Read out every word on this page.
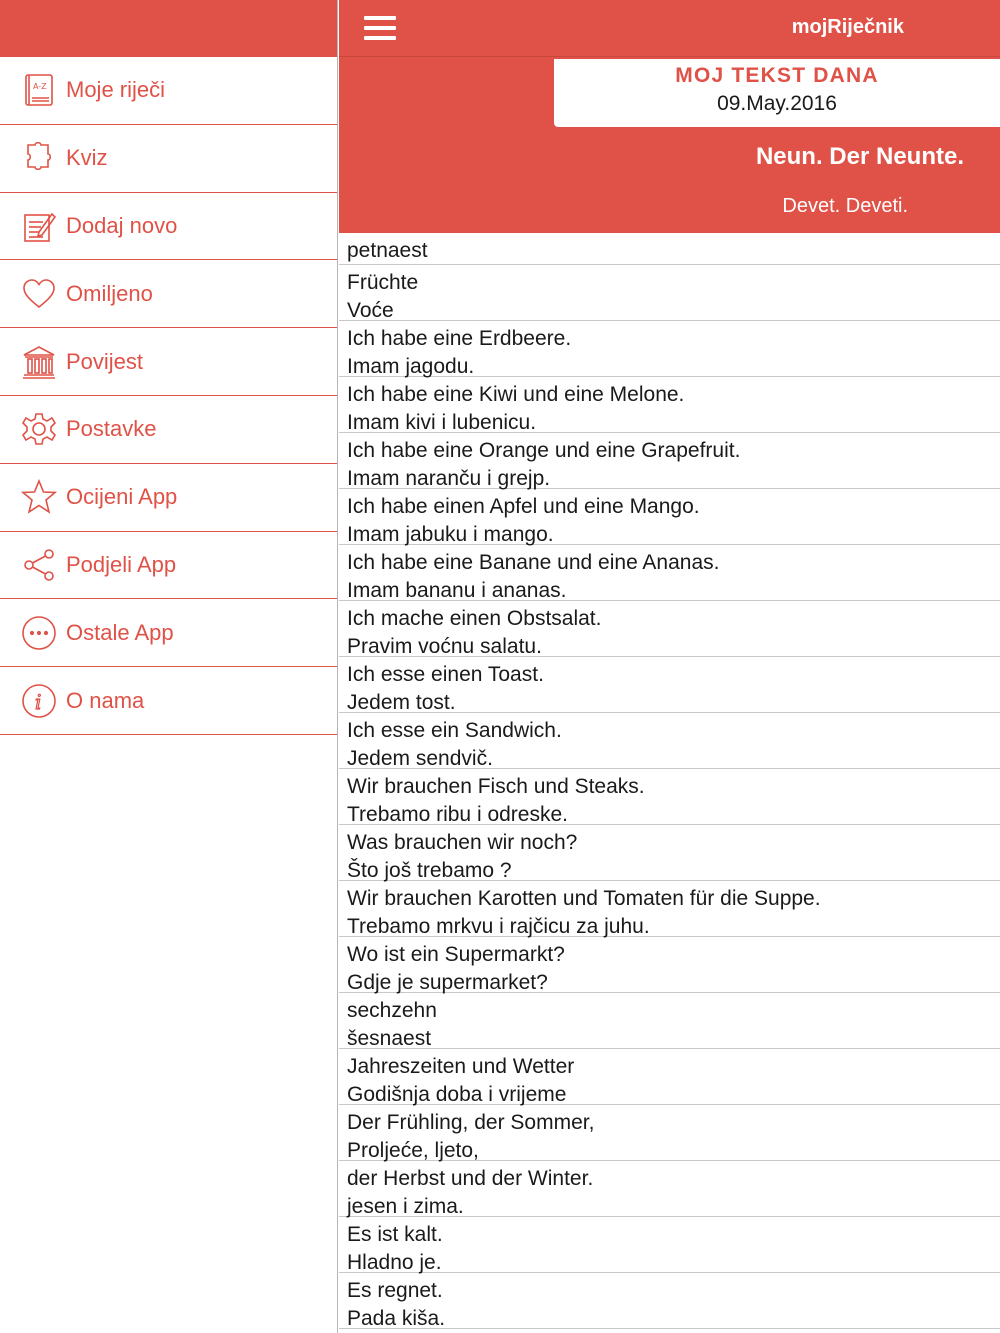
A-Z Moje riječi
Kviz
Dodaj novo
Omiljeno
Povijest
Postavke
Ocijeni App
Podjeli App
Ostale App
i O nama
mojRiječnik
MOJ TEKST DANA
09.May.2016
Neun. Der Neunte.
Devet. Deveti.
petnaest
Früchte
Voće
Ich habe eine Erdbeere.
Imam jagodu.
Ich habe eine Kiwi und eine Melone.
Imam kivi i lubenicu.
Ich habe eine Orange und eine Grapefruit.
Imam naranču i grejp.
Ich habe einen Apfel und eine Mango.
Imam jabuku i mango.
Ich habe eine Banane und eine Ananas.
Imam bananu i ananas.
Ich mache einen Obstsalat.
Pravim voćnu salatu.
Ich esse einen Toast.
Jedem tost.
Ich esse ein Sandwich.
Jedem sendvič.
Wir brauchen Fisch und Steaks.
Trebamo ribu i odreske.
Was brauchen wir noch?
Što još trebamo ?
Wir brauchen Karotten und Tomaten für die Suppe.
Trebamo mrkvu i rajčicu za juhu.
Wo ist ein Supermarkt?
Gdje je supermarket?
sechzehn
šesnaest
Jahreszeiten und Wetter
Godišnja doba i vrijeme
Der Frühling, der Sommer,
Proljeće, ljeto,
der Herbst und der Winter.
jesen i zima.
Es ist kalt.
Hladno je.
Es regnet.
Pada kiša.
